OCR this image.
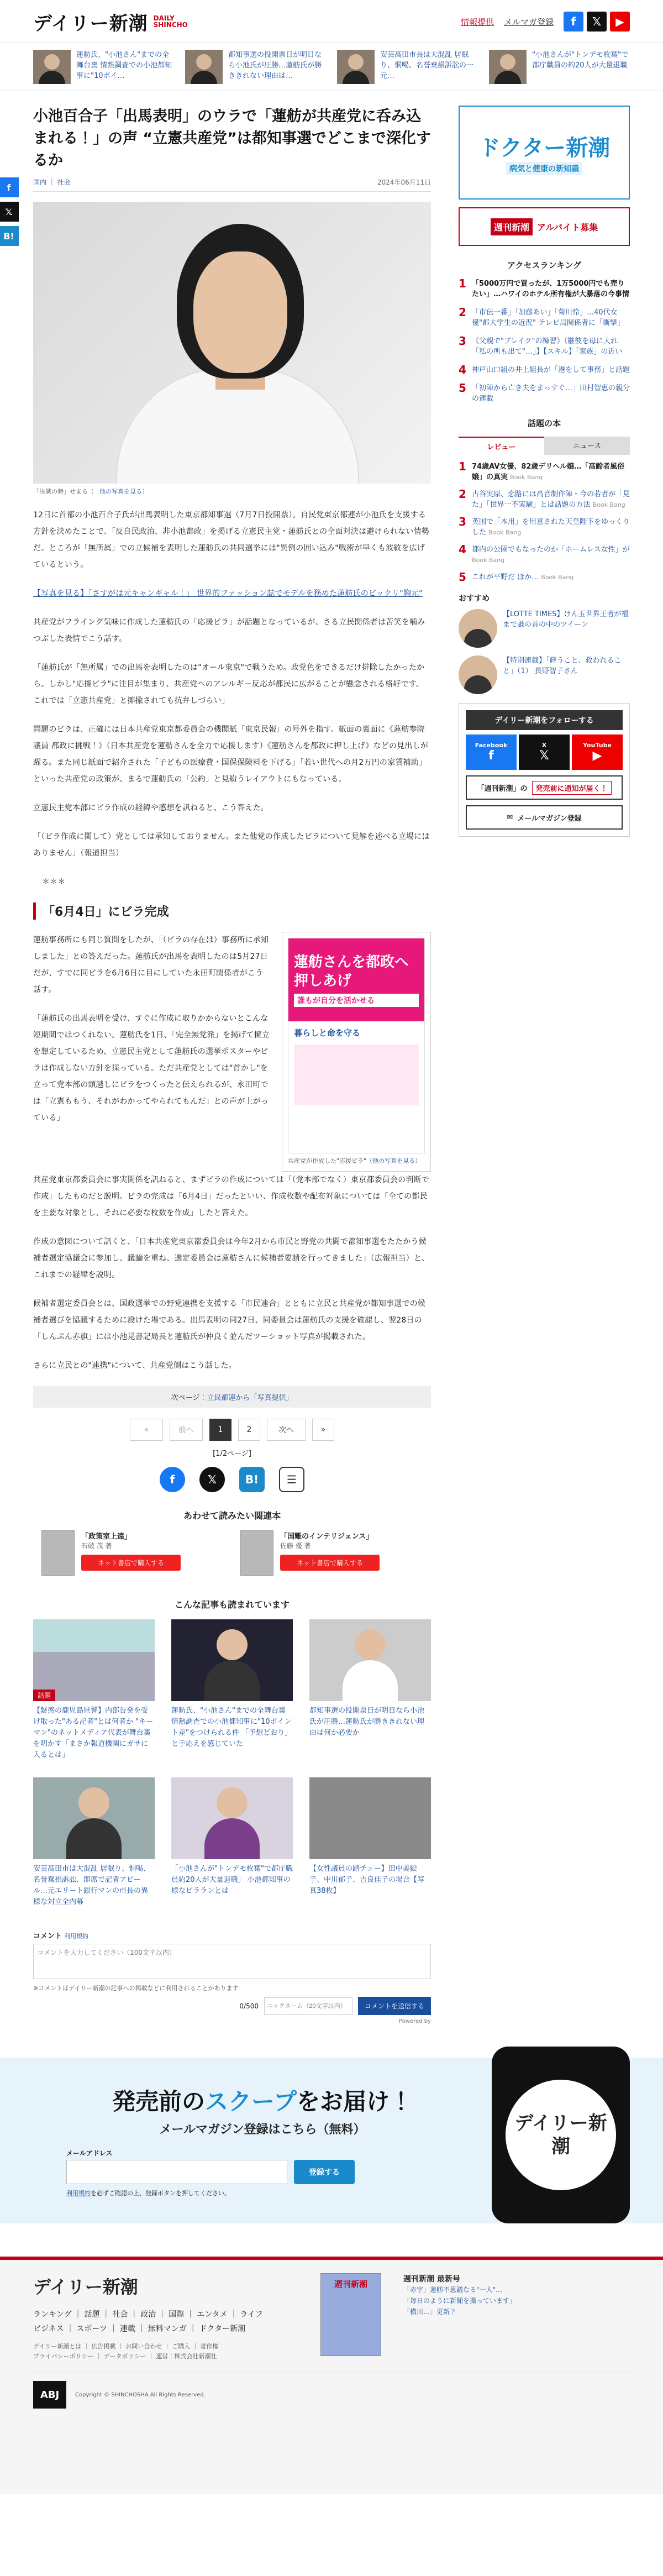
デイリー新潮 DAILY
SHINCHO	情報提供 メルマガ登録	f	𝕏	▶
蓮舫氏、"小池さん"までの全舞台裏 情熱調査での小池都知事に"10ポイ…
都知事選の投開票日が明日なら小池氏が圧勝…蓮舫氏が勝ききれない理由は…
安芸高田市長は大混乱 居眠り、恫喝、名誉棄損訴訟の一元…
"小池さんが"トンデモ枚葉"で都庁職員の約20人が大量退職
f
𝕏
B!
小池百合子「出馬表明」のウラで「蓮舫が共産党に呑み込まれる！」の声 “立憲共産党”は都知事選でどこまで深化するか
国内 ｜ 社会	2024年06月11日
「決戦の時」せまる（ 他の写真を見る）

12日に首都の小池百合子氏が出馬表明した東京都知事選（7月7日投開票）。自民党東京都連が小池氏を支援する方針を決めたことで、「反自民政治、非小池都政」を掲げる立憲民主党・蓮舫氏との全面対決は避けられない情勢だ。ところが「無所属」での立候補を表明した蓮舫氏の共同選挙には"異例の囲い込み"戦術が早くも波紋を広げているという。

【写真を見る】「さすがは元キャンギャル！」 世界的ファッション誌でモデルを務めた蓮舫氏のビックリ"胸元"

共産党がフライング気味に作成した蓮舫氏の「応援ビラ」が話題となっているが、さる立民関係者は苦笑を噛みつぶした表情でこう話す。

「蓮舫氏が「無所属」での出馬を表明したのは"オール東京"で戦うため。政党色をできるだけ排除したかったから。しかし"応援ビラ"に注目が集まり、共産党へのアレルギー反応が都民に広がることが懸念される格好です。これでは「立憲共産党」と揶揄されても抗弁しづらい」

問題のビラは、正確には日本共産党東京都委員会の機関紙「東京民報」の号外を指す。紙面の裏面に《蓮舫参院議員 都政に挑戦！》（日本共産党を蓮舫さんを全力で応援します）《蓮舫さんを都政に押し上げ》などの見出しが躍る。また同じ紙面で紹介された「子どもの医療費・国保保険料を下げる」「若い世代への月2万円の家賃補助」といった共産党の政策が、まるで蓮舫氏の「公約」と見紛うレイアウトにもなっている。

立憲民主党本部にビラ作成の経緯や感想を訊ねると、こう答えた。

「（ビラ作成に関して）党としては承知しておりません。また他党の作成したビラについて見解を述べる立場にはありません」（報道担当）

＊＊＊

「6月4日」にビラ完成

蓮舫事務所にも同じ質問をしたが、「（ビラの存在は）事務所に承知しました」との答えだった。蓮舫氏が出馬を表明したのは5月27日だが、すでに同ビラを6月6日に目にしていた永田町関係者がこう話す。

「蓮舫氏の出馬表明を受け、すぐに作成に取りかからないとこんな短期間ではつくれない。蓮舫氏を1日、「完全無党派」を掲げて擁立を想定しているため、立憲民主党として蓮舫氏の選挙ポスターやビラは作成しない方針を採っている。ただ共産党としては"首かし"を立って党本部の頭越しにビラをつくったと伝えられるが、永田町では「立憲ももう、それがわかってやられてもんだ」との声が上がっている」

蓮舫さんを都政へ押しあげ
誰もが自分を活かせる
暮らしと命を守る
共産党が作成した"応援ビラ"（他の写真を見る）

共産党東京都委員会に事実関係を訊ねると、まずビラの作成については「（党本部でなく）東京都委員会の判断で作成」したものだと説明。ビラの完成は「6月4日」だったといい、作成枚数や配布対象については「全ての都民を主要な対象とし、それに必要な枚数を作成」したと答えた。

作成の意図について訊くと、「日本共産党東京都委員会は今年2月から市民と野党の共闘で都知事選をたたかう候補者選定協議会に参加し、議論を重ね、選定委員会は蓮舫さんに候補者要請を行ってきました」（広報担当）と、これまでの経緯を説明。

候補者選定委員会とは、国政選挙での野党連携を支援する「市民連合」とともに立民と共産党が都知事選での候補者選びを協議するために設けた場である。出馬表明の同27日、同委員会は蓮舫氏の支援を確認し、翌28日の「しんぶん赤旗」には小池晃書記局長と蓮舫氏が仲良く並んだツーショット写真が掲載された。

さらに立民との"連携"について、共産党側はこう話した。

次ページ：立民都連から「写真提供」
«	前へ	1	2	次へ	»
[1/2ページ]
f	𝕏	B!	☰
あわせて読みたい関連本
「政策室上遠」
石破 茂 著
ネット書店で購入する
「国難のインテリジェンス」
佐藤 優 著
ネット書店で購入する
こんな記事も読まれています
話題
【疑惑の鹿児島県警】内部告発を受け取った"ある記者"とは何者か "キーマン"のネットメディア代表が舞台裏を明かす「まさか報道機関にガサに入るとは」
蓮舫氏、"小池さん"までの全舞台裏 情熱調査での小池都知事に"10ポイント差"をつけられる件 「予想どおり」と手応えを感じていた
都知事選の投開票日が明日なら小池氏が圧勝…蓮舫氏が勝ききれない理由は何か必要か
安芸高田市は大混乱 居眠り、恫喝、名誉棄損訴訟、即席で記者アピール…元エリート銀行マンの市長の異様な対立全内幕
「小池さんが"トンデモ枚葉"で都庁職員約20人が大量退職」 小池都知事の様なピラランとは
【女性議員の踏チュー】田中美絵子、中川郁子、吉良佳子の場合【写真38枚】
コメント 利用規約
コメントを入力してください（100文字以内）
※コメントはデイリー新潮の記事への掲載などに利用されることがあります
0/500
ニックネーム（20文字以内）	コメントを送信する
Powered by
ドクター新潮
病気と健康の新知識
週刊新潮 アルバイト募集
アクセスランキング
1 「5000万円で買ったが、1万5000円でも売りたい」…ハワイのホテル所有権が大暴落の今事情
2 「市伝一番」「加藤あい」「菊川怜」…40代女優"都大学生の近況" テレビ局関係者に「衝撃」
3 《父親で"ブレイク"の練習》（継彼を母に入れ「私の所も出て"…」】【スキル】「家族」の近い
4 神戸山口組の井上組長が「港をして事務」と話題
5 「初陣から亡き夫をまっすぐ…」田村智恵の親分の連載
話題の本
レビュー	ニュース
1 74歳AV女優、82歳デリヘル嬢…「高齢者風俗嬢」の真実 Book Bang
2 古谷実原、恋路には高音制作陣・今の若者が「見た」「世界一不実験」とは話題の方法 Book Bang
3 英国で「本用」を用意された天皇陛下をゆっくりした Book Bang
4 都内の公園でもなったのか「ホームレス女性」が Book Bang
5 これが平野だ ほか… Book Bang
おすすめ
【LOTTE TIMES】けん玉世界王者が福まで誰の首の中のツイーン
【特別連載】「蒔うこと、救われること」（1） 長野智子さん
デイリー新潮をフォローする
Facebook
f
X
𝕏
YouTube
▶
「週刊新潮」の	発売前に通知が届く！
✉ メールマガジン登録
発売前のスクープをお届け！
メールマガジン登録はこちら（無料）
メールアドレス
登録する
利用規約を必ずご確認の上、登録ボタンを押してください。
デイリー新潮
デイリー新潮
ランキング ｜ 話題 ｜ 社会 ｜ 政治 ｜ 国際 ｜ エンタメ ｜ ライフ
ビジネス ｜ スポーツ ｜ 連載 ｜ 無料マンガ ｜ ドクター新潮
デイリー新潮とは ｜ 広告掲載 ｜ お問い合わせ ｜ ご購入 ｜ 著作権
プライバシーポリシー ｜ データポリシー ｜ 運営：株式会社新潮社
週刊新潮	週刊新潮 最新号
「赤字」蓮舫不思議なる"一人"…
「毎日のように新聞を撮っています」
「横川…」更新？
ABJ	Copyright © SHINCHOSHA All Rights Reserved.
